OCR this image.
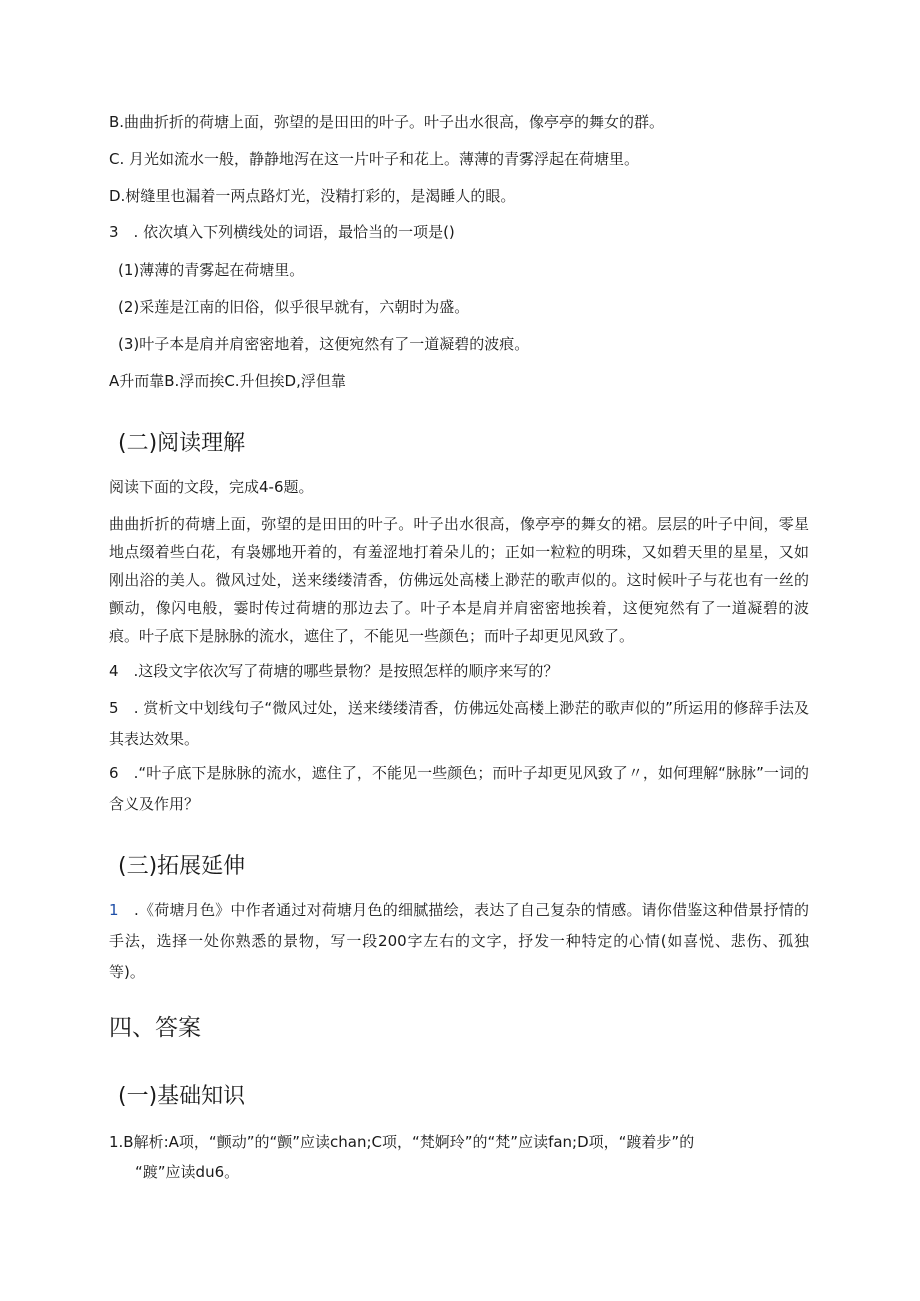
B.曲曲折折的荷塘上面，弥望的是田田的叶子。叶子出水很高，像亭亭的舞女的群。
C. 月光如流水一般，静静地泻在这一片叶子和花上。薄薄的青雾浮起在荷塘里。
D.树缝里也漏着一两点路灯光，没精打彩的，是渴睡人的眼。
3　. 依次填入下列横线处的词语，最恰当的一项是()
(1)薄薄的青雾起在荷塘里。
(2)采莲是江南的旧俗，似乎很早就有，六朝时为盛。
(3)叶子本是肩并肩密密地着，这便宛然有了一道凝碧的波痕。
A升而靠B.浮而挨C.升但挨D,浮但靠
(二)阅读理解
阅读下面的文段，完成4-6题。
曲曲折折的荷塘上面，弥望的是田田的叶子。叶子出水很高，像亭亭的舞女的裙。层层的叶子中间，零星地点缀着些白花，有袅娜地开着的，有羞涩地打着朵儿的；正如一粒粒的明珠，又如碧天里的星星，又如刚出浴的美人。微风过处，送来缕缕清香，仿佛远处高楼上渺茫的歌声似的。这时候叶子与花也有一丝的颤动，像闪电般，霎时传过荷塘的那边去了。叶子本是肩并肩密密地挨着，这便宛然有了一道凝碧的波痕。叶子底下是脉脉的流水，遮住了，不能见一些颜色；而叶子却更见风致了。
4　.这段文字依次写了荷塘的哪些景物？是按照怎样的顺序来写的？
5　. 赏析文中划线句子“微风过处，送来缕缕清香，仿佛远处高楼上渺茫的歌声似的”所运用的修辞手法及其表达效果。
6　.“叶子底下是脉脉的流水，遮住了，不能见一些颜色；而叶子却更见风致了〃，如何理解“脉脉”一词的含义及作用？
(三)拓展延伸
1　.《荷塘月色》中作者通过对荷塘月色的细腻描绘，表达了自己复杂的情感。请你借鉴这种借景抒情的手法，选择一处你熟悉的景物，写一段200字左右的文字，抒发一种特定的心情(如喜悦、悲伤、孤独等)。
四、答案
(一)基础知识
1.B解析:A项，“颤动”的“颤”应读chan;C项，“梵婀玲”的“梵”应读fan;D项，“踱着步”的
“踱”应读du6。
